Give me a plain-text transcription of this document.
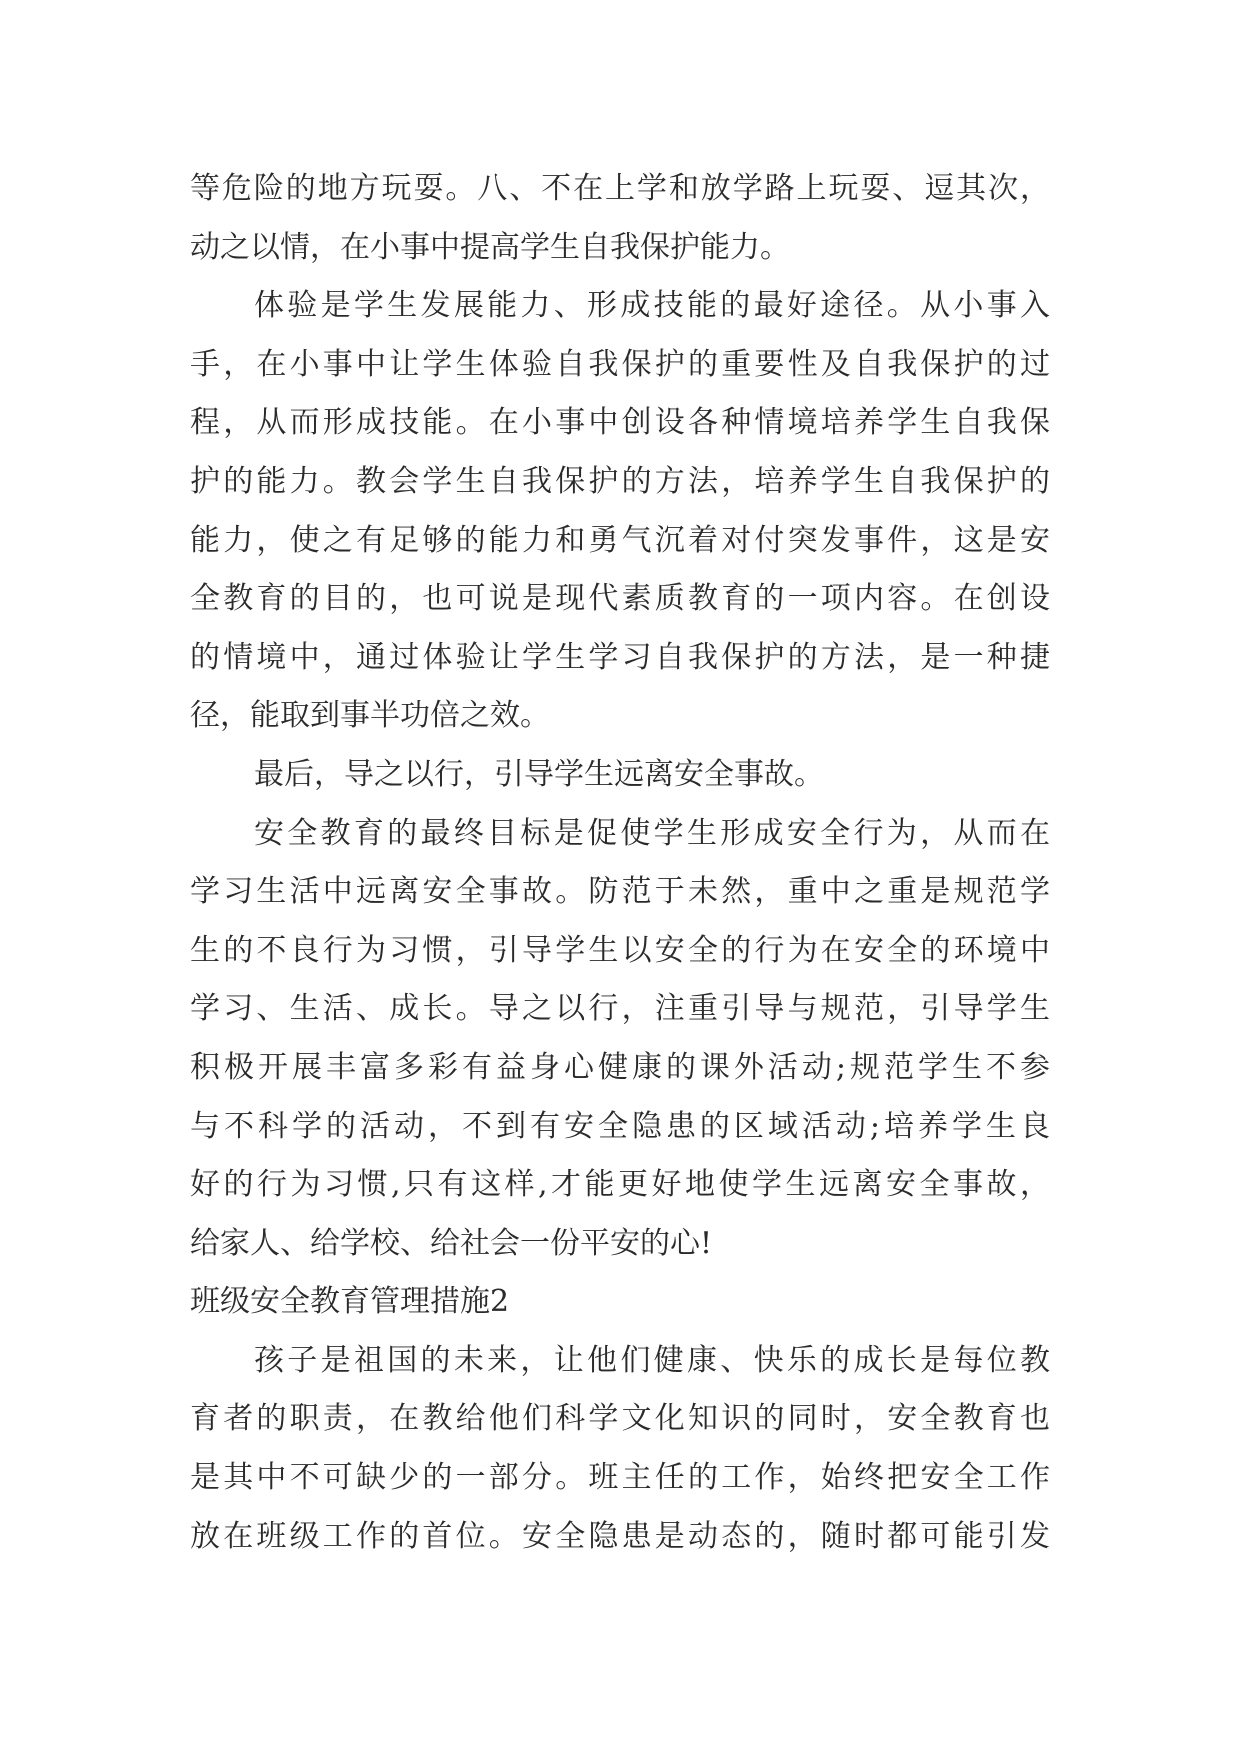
等危险的地方玩耍。八、不在上学和放学路上玩耍、逗其次，
动之以情，在小事中提高学生自我保护能力。
体验是学生发展能力、形成技能的最好途径。从小事入
手，在小事中让学生体验自我保护的重要性及自我保护的过
程，从而形成技能。在小事中创设各种情境培养学生自我保
护的能力。教会学生自我保护的方法，培养学生自我保护的
能力，使之有足够的能力和勇气沉着对付突发事件，这是安
全教育的目的，也可说是现代素质教育的一项内容。在创设
的情境中，通过体验让学生学习自我保护的方法，是一种捷
径，能取到事半功倍之效。
最后，导之以行，引导学生远离安全事故。
安全教育的最终目标是促使学生形成安全行为，从而在
学习生活中远离安全事故。防范于未然，重中之重是规范学
生的不良行为习惯，引导学生以安全的行为在安全的环境中
学习、生活、成长。导之以行，注重引导与规范，引导学生
积极开展丰富多彩有益身心健康的课外活动;规范学生不参
与不科学的活动，不到有安全隐患的区域活动;培养学生良
好的行为习惯,只有这样,才能更好地使学生远离安全事故，
给家人、给学校、给社会一份平安的心!
班级安全教育管理措施2
孩子是祖国的未来，让他们健康、快乐的成长是每位教
育者的职责，在教给他们科学文化知识的同时，安全教育也
是其中不可缺少的一部分。班主任的工作，始终把安全工作
放在班级工作的首位。安全隐患是动态的，随时都可能引发
